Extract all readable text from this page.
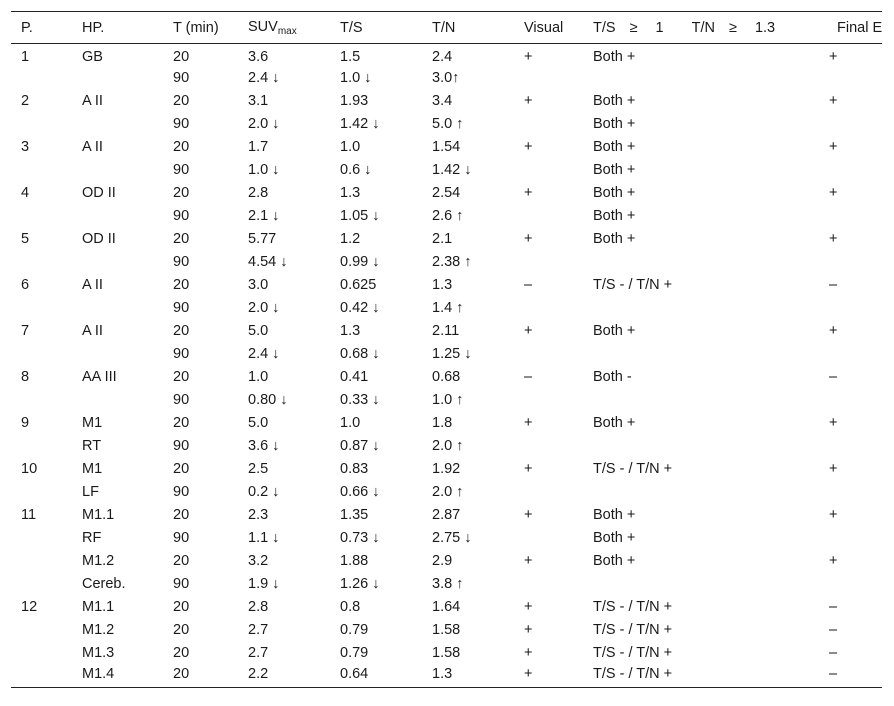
P.	HP.	T (min)	$SUV_{max}$	T/S	T/N	Visual	T/S ≥ 1 T/N ≥ 1.3	Final E
1	GB	20	3.6	1.5	2.4	+	Both +	+
		90	2.4 ↓	1.0 ↓	3.0↑			
2	A II	20	3.1	1.93	3.4	+	Both +	+
		90	2.0 ↓	1.42 ↓	5.0 ↑		Both +	
3	A II	20	1.7	1.0	1.54	+	Both +	+
		90	1.0 ↓	0.6 ↓	1.42 ↓		Both +	
4	OD II	20	2.8	1.3	2.54	+	Both +	+
		90	2.1 ↓	1.05 ↓	2.6 ↑		Both +	
5	OD II	20	5.77	1.2	2.1	+	Both +	+
		90	4.54 ↓	0.99 ↓	2.38 ↑			
6	A II	20	3.0	0.625	1.3	–	T/S - / T/N +	–
		90	2.0 ↓	0.42 ↓	1.4 ↑			
7	A II	20	5.0	1.3	2.11	+	Both +	+
		90	2.4 ↓	0.68 ↓	1.25 ↓			
8	AA III	20	1.0	0.41	0.68	–	Both -	–
		90	0.80 ↓	0.33 ↓	1.0 ↑			
9	M1	20	5.0	1.0	1.8	+	Both +	+
	RT	90	3.6 ↓	0.87 ↓	2.0 ↑			
10	M1	20	2.5	0.83	1.92	+	T/S - / T/N +	+
	LF	90	0.2 ↓	0.66 ↓	2.0 ↑			
11	M1.1	20	2.3	1.35	2.87	+	Both +	+
	RF	90	1.1 ↓	0.73 ↓	2.75 ↓		Both +	
	M1.2	20	3.2	1.88	2.9	+	Both +	+
	Cereb.	90	1.9 ↓	1.26 ↓	3.8 ↑			
12	M1.1	20	2.8	0.8	1.64	+	T/S - / T/N +	–
	M1.2	20	2.7	0.79	1.58	+	T/S - / T/N +	–
	M1.3	20	2.7	0.79	1.58	+	T/S - / T/N +	–
	M1.4	20	2.2	0.64	1.3	+	T/S - / T/N +	–
